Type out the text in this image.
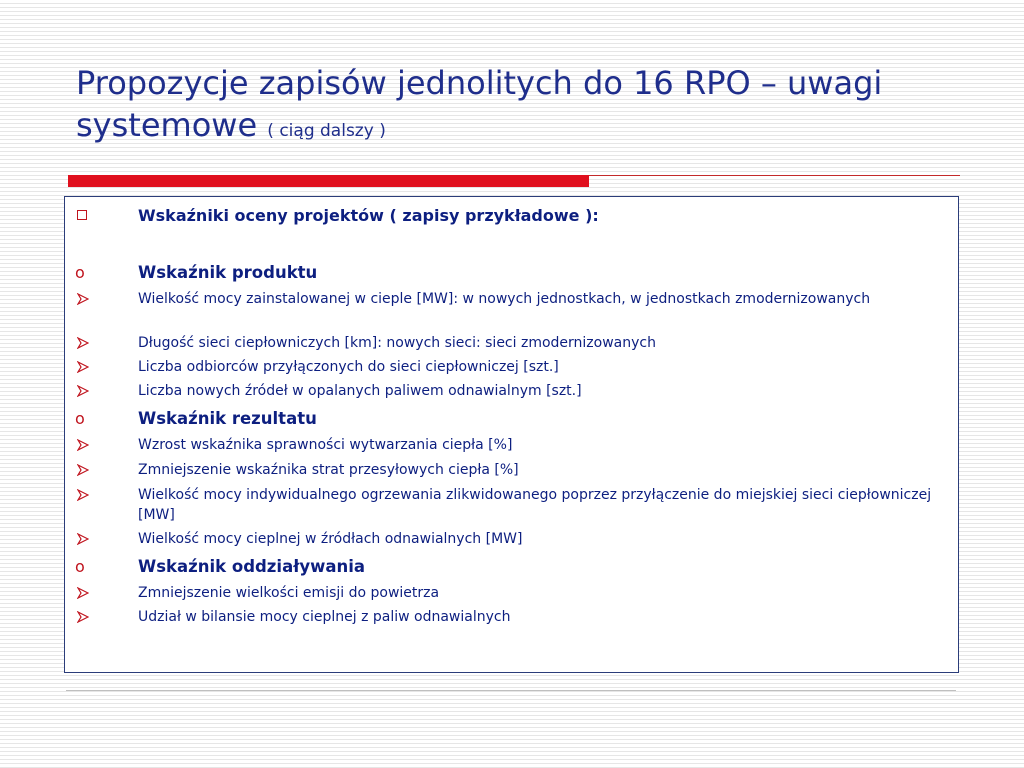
Propozycje zapisów jednolitych do 16 RPO – uwagi systemowe ( ciąg dalszy )
Wskaźniki oceny projektów ( zapisy przykładowe ):
o	Wskaźnik produktu
Wielkość mocy zainstalowanej w cieple [MW]: w nowych jednostkach, w jednostkach zmodernizowanych
Długość sieci ciepłowniczych [km]: nowych sieci: sieci zmodernizowanych
Liczba odbiorców przyłączonych do sieci ciepłowniczej [szt.]
Liczba nowych źródeł w opalanych paliwem odnawialnym [szt.]
o	Wskaźnik rezultatu
Wzrost wskaźnika sprawności wytwarzania ciepła [%]
Zmniejszenie wskaźnika strat przesyłowych ciepła [%]
Wielkość mocy indywidualnego ogrzewania zlikwidowanego poprzez przyłączenie do miejskiej sieci ciepłowniczej [MW]
Wielkość mocy cieplnej w źródłach odnawialnych [MW]
o	Wskaźnik oddziaływania
Zmniejszenie wielkości emisji do powietrza
Udział w bilansie mocy cieplnej z paliw odnawialnych
